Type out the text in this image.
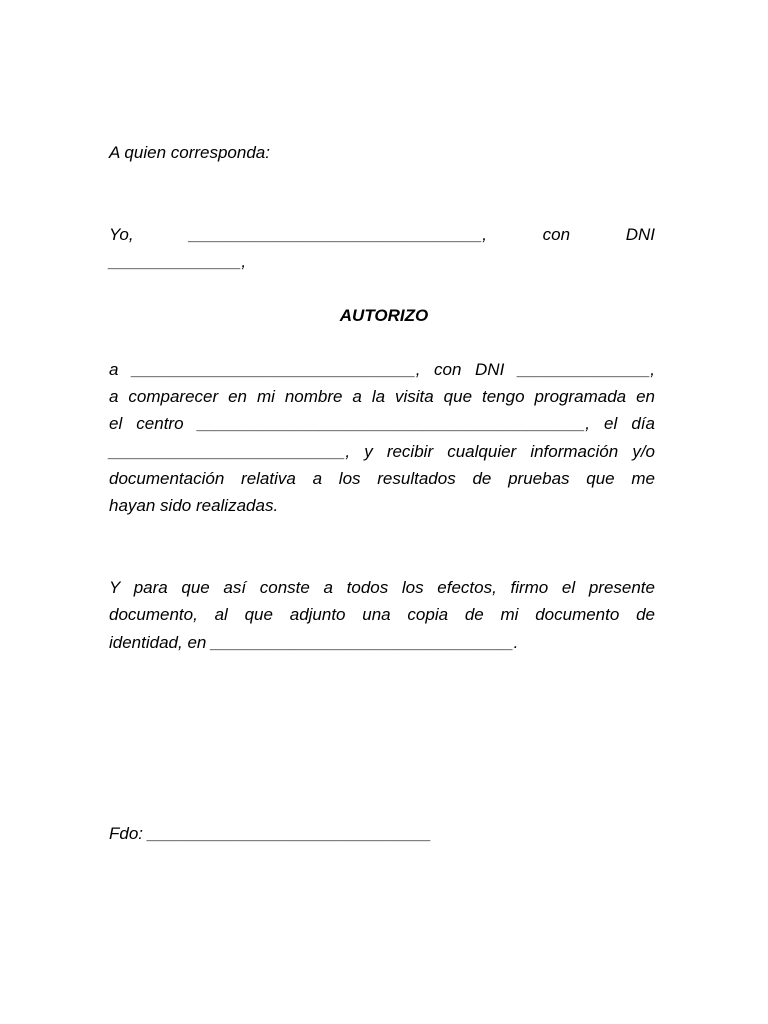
A quien corresponda:
Yo, _______________________________, con DNI
______________,
AUTORIZO
a ______________________________, con DNI ______________,
a comparecer en mi nombre a la visita que tengo programada en
el centro _________________________________________, el día
_________________________, y recibir cualquier información y/o
documentación relativa a los resultados de pruebas que me
hayan sido realizadas.
Y para que así conste a todos los efectos, firmo el presente
documento, al que adjunto una copia de mi documento de
identidad, en ________________________________.
Fdo: ______________________________
